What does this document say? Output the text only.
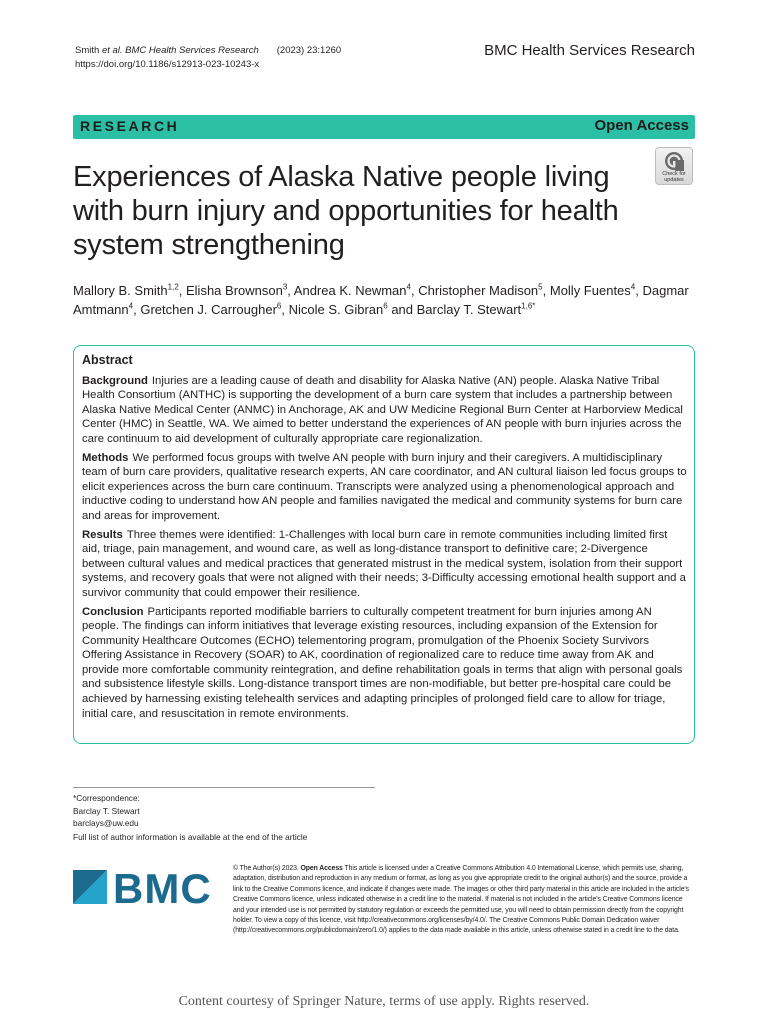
Smith et al. BMC Health Services Research (2023) 23:1260
https://doi.org/10.1186/s12913-023-10243-x
BMC Health Services Research
RESEARCH	Open Access
Experiences of Alaska Native people living with burn injury and opportunities for health system strengthening
Check for
updates
Mallory B. Smith$^{1,2}$, Elisha Brownson$^3$, Andrea K. Newman$^4$, Christopher Madison$^5$, Molly Fuentes$^4$, Dagmar Amtmann$^4$, Gretchen J. Carrougher$^6$, Nicole S. Gibran$^6$ and Barclay T. Stewart$^{1,6*}$
Abstract
Background Injuries are a leading cause of death and disability for Alaska Native (AN) people. Alaska Native Tribal Health Consortium (ANTHC) is supporting the development of a burn care system that includes a partnership between Alaska Native Medical Center (ANMC) in Anchorage, AK and UW Medicine Regional Burn Center at Harborview Medical Center (HMC) in Seattle, WA. We aimed to better understand the experiences of AN people with burn injuries across the care continuum to aid development of culturally appropriate care regionalization.
Methods We performed focus groups with twelve AN people with burn injury and their caregivers. A multidisciplinary team of burn care providers, qualitative research experts, AN care coordinator, and AN cultural liaison led focus groups to elicit experiences across the burn care continuum. Transcripts were analyzed using a phenomenological approach and inductive coding to understand how AN people and families navigated the medical and community systems for burn care and areas for improvement.
Results Three themes were identified: 1-Challenges with local burn care in remote communities including limited first aid, triage, pain management, and wound care, as well as long-distance transport to definitive care; 2-Divergence between cultural values and medical practices that generated mistrust in the medical system, isolation from their support systems, and recovery goals that were not aligned with their needs; 3-Difficulty accessing emotional health support and a survivor community that could empower their resilience.
Conclusion Participants reported modifiable barriers to culturally competent treatment for burn injuries among AN people. The findings can inform initiatives that leverage existing resources, including expansion of the Extension for Community Healthcare Outcomes (ECHO) telementoring program, promulgation of the Phoenix Society Survivors Offering Assistance in Recovery (SOAR) to AK, coordination of regionalized care to reduce time away from AK and provide more comfortable community reintegration, and define rehabilitation goals in terms that align with personal goals and subsistence lifestyle skills. Long-distance transport times are non-modifiable, but better pre-hospital care could be achieved by harnessing existing telehealth services and adapting principles of prolonged field care to allow for triage, initial care, and resuscitation in remote environments.
*Correspondence:
Barclay T. Stewart
barclays@uw.edu
Full list of author information is available at the end of the article
BMC	© The Author(s) 2023. Open Access This article is licensed under a Creative Commons Attribution 4.0 International License, which permits use, sharing, adaptation, distribution and reproduction in any medium or format, as long as you give appropriate credit to the original author(s) and the source, provide a link to the Creative Commons licence, and indicate if changes were made. The images or other third party material in this article are included in the article's Creative Commons licence, unless indicated otherwise in a credit line to the material. If material is not included in the article's Creative Commons licence and your intended use is not permitted by statutory regulation or exceeds the permitted use, you will need to obtain permission directly from the copyright holder. To view a copy of this licence, visit http://creativecommons.org/licenses/by/4.0/. The Creative Commons Public Domain Dedication waiver (http://creativecommons.org/publicdomain/zero/1.0/) applies to the data made available in this article, unless otherwise stated in a credit line to the data.
Content courtesy of Springer Nature, terms of use apply. Rights reserved.
